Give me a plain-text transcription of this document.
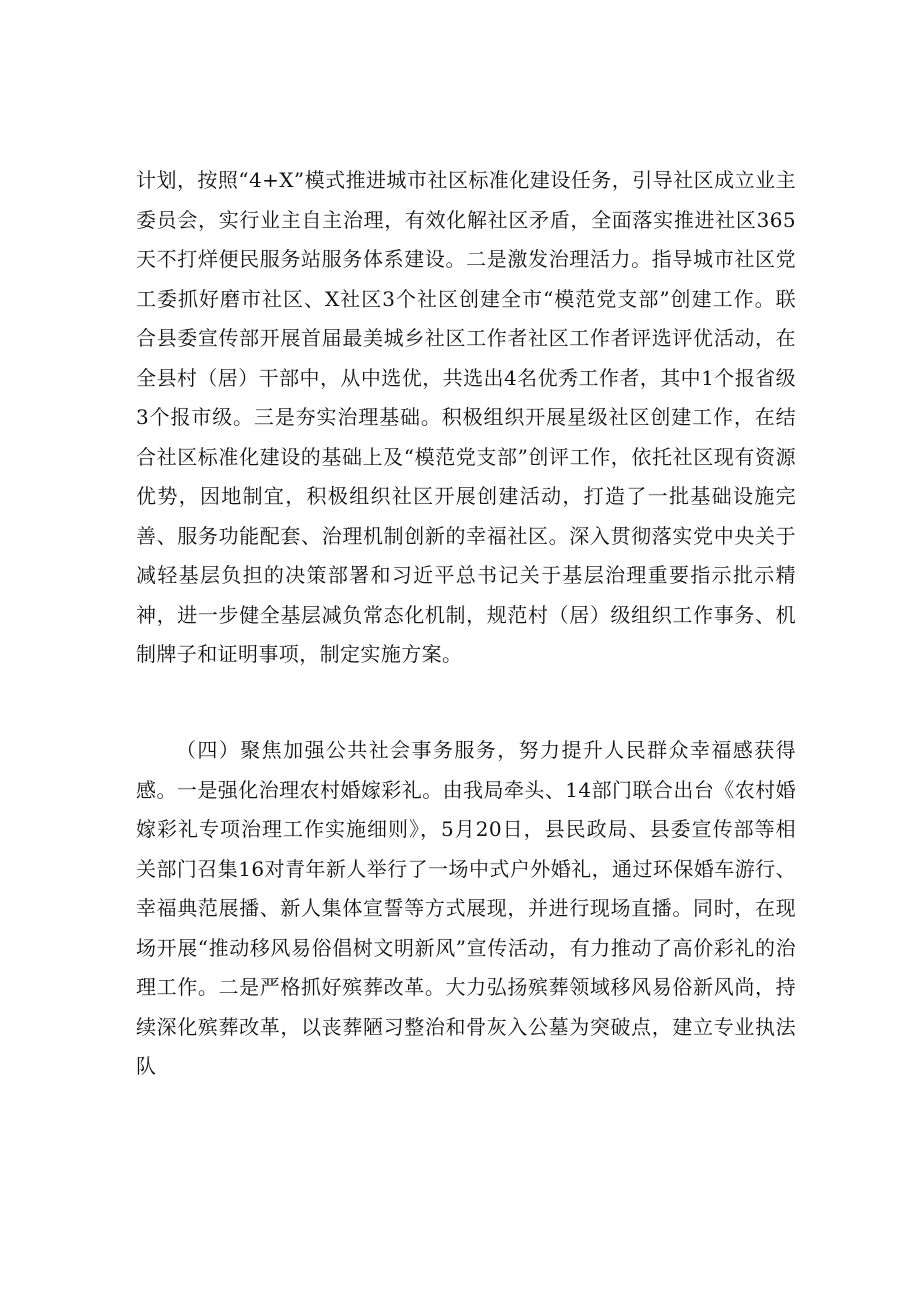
计划，按照“4+X”模式推进城市社区标准化建设任务，引导社区成立业主委员会，实行业主自主治理，有效化解社区矛盾，全面落实推进社区365天不打烊便民服务站服务体系建设。二是激发治理活力。指导城市社区党工委抓好磨市社区、X社区3个社区创建全市“模范党支部”创建工作。联合县委宣传部开展首届最美城乡社区工作者社区工作者评选评优活动，在全县村（居）干部中，从中选优，共选出4名优秀工作者，其中1个报省级3个报市级。三是夯实治理基础。积极组织开展星级社区创建工作，在结合社区标准化建设的基础上及“模范党支部”创评工作，依托社区现有资源优势，因地制宜，积极组织社区开展创建活动，打造了一批基础设施完善、服务功能配套、治理机制创新的幸福社区。深入贯彻落实党中央关于减轻基层负担的决策部署和习近平总书记关于基层治理重要指示批示精神，进一步健全基层减负常态化机制，规范村（居）级组织工作事务、机制牌子和证明事项，制定实施方案。

（四）聚焦加强公共社会事务服务，努力提升人民群众幸福感获得感。一是强化治理农村婚嫁彩礼。由我局牵头、14部门联合出台《农村婚嫁彩礼专项治理工作实施细则》，5月20日，县民政局、县委宣传部等相关部门召集16对青年新人举行了一场中式户外婚礼，通过环保婚车游行、幸福典范展播、新人集体宣誓等方式展现，并进行现场直播。同时，在现场开展“推动移风易俗倡树文明新风”宣传活动，有力推动了高价彩礼的治理工作。二是严格抓好殡葬改革。大力弘扬殡葬领域移风易俗新风尚，持续深化殡葬改革，以丧葬陋习整治和骨灰入公墓为突破点，建立专业执法队
